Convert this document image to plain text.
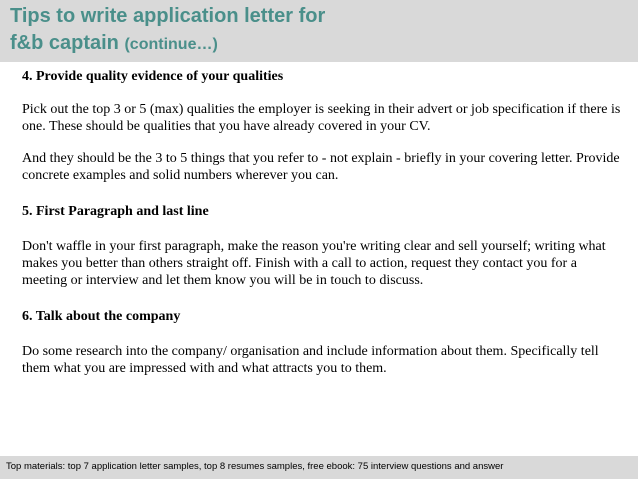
Tips to write application letter for
f&b captain (continue…)

4. Provide quality evidence of your qualities

Pick out the top 3 or 5 (max) qualities the employer is seeking in their advert or job specification if there is one. These should be qualities that you have already covered in your CV.

And they should be the 3 to 5 things that you refer to - not explain - briefly in your covering letter. Provide concrete examples and solid numbers wherever you can.

5. First Paragraph and last line

Don't waffle in your first paragraph, make the reason you're writing clear and sell yourself; writing what makes you better than others straight off. Finish with a call to action, request they contact you for a meeting or interview and let them know you will be in touch to discuss.

6. Talk about the company

Do some research into the company/ organisation and include information about them. Specifically tell them what you are impressed with and what attracts you to them.

Top materials: top 7 application letter samples, top 8 resumes samples, free ebook: 75 interview questions and answer
